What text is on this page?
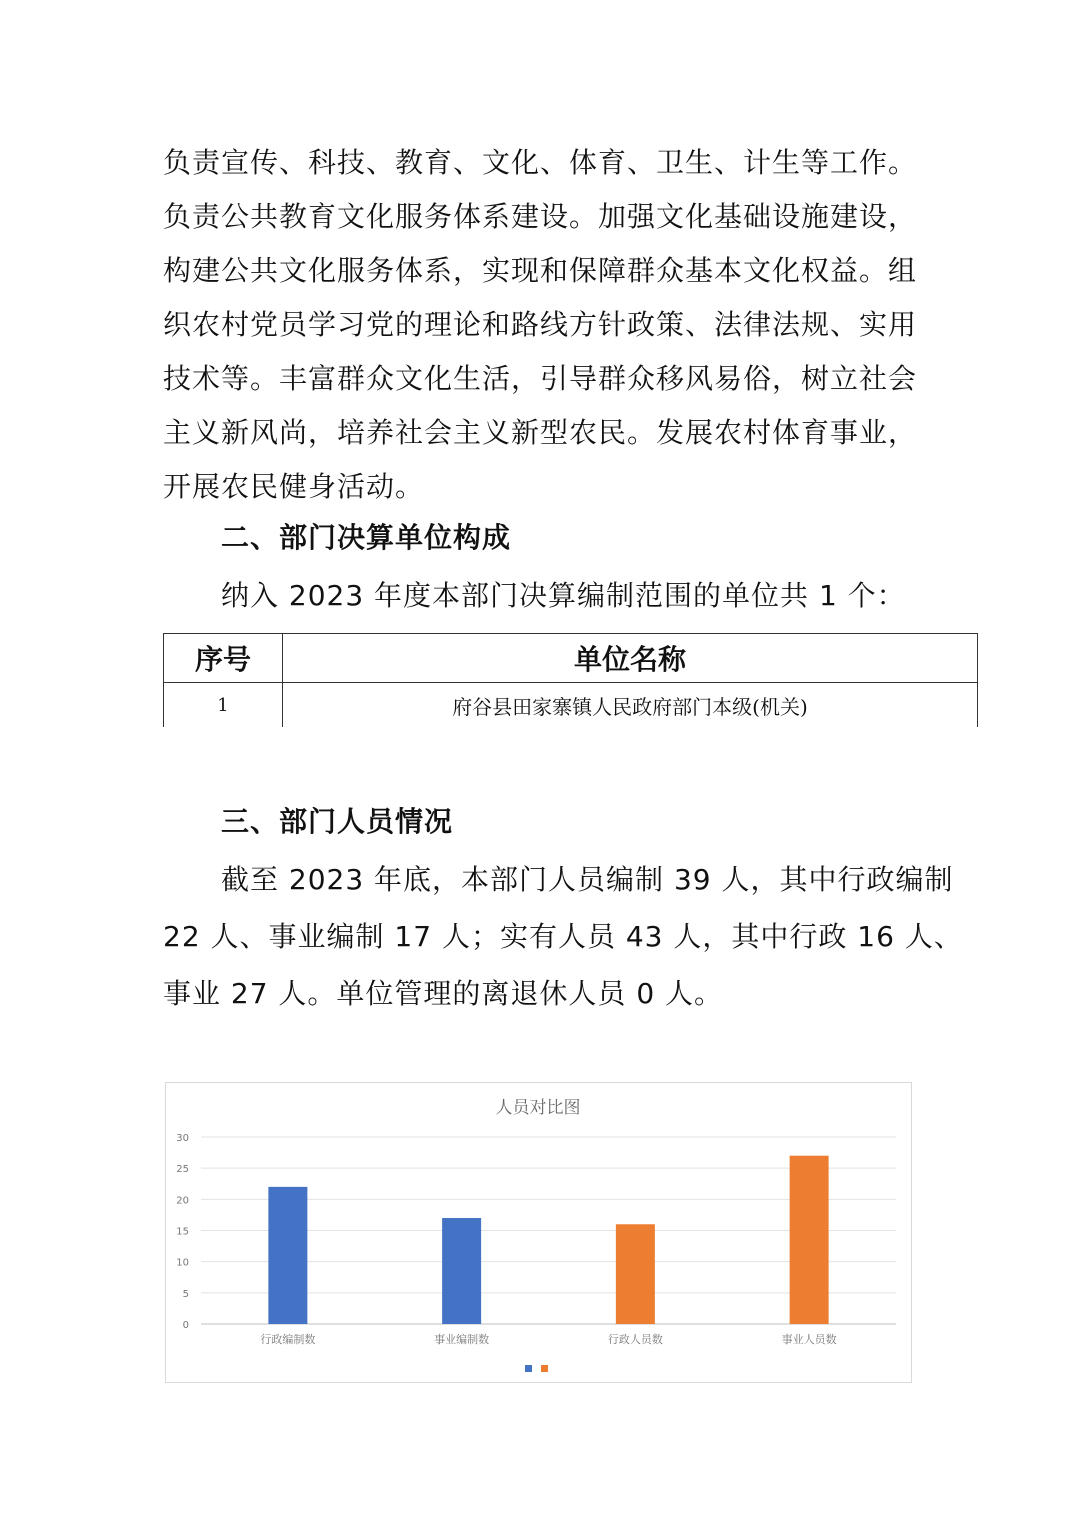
负责宣传、科技、教育、文化、体育、卫生、计生等工作。
负责公共教育文化服务体系建设。加强文化基础设施建设，
构建公共文化服务体系，实现和保障群众基本文化权益。组
织农村党员学习党的理论和路线方针政策、法律法规、实用
技术等。丰富群众文化生活，引导群众移风易俗，树立社会
主义新风尚，培养社会主义新型农民。发展农村体育事业，
开展农民健身活动。
二、部门决算单位构成
纳入 2023 年度本部门决算编制范围的单位共 1 个：
序号	单位名称
1	府谷县田家寨镇人民政府部门本级(机关)
三、部门人员情况
截至 2023 年底，本部门人员编制 39 人，其中行政编制
22 人、事业编制 17 人；实有人员 43 人，其中行政 16 人、
事业 27 人。单位管理的离退休人员 0 人。
人员对比图
0
5
10
15
20
25
30
行政编制数	事业编制数	行政人员数	事业人员数
